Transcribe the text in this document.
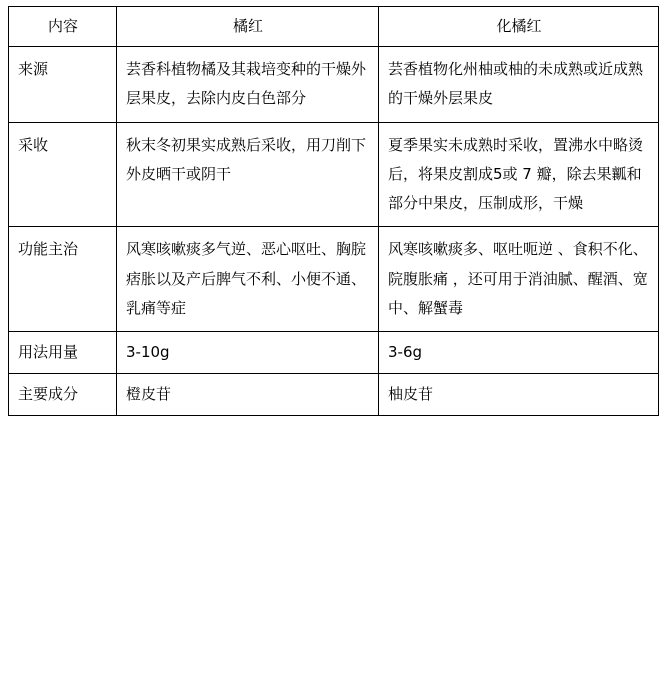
内容	橘红	化橘红
来源	芸香科植物橘及其栽培变种的干燥外层果皮，去除内皮白色部分	芸香植物化州柚或柚的未成熟或近成熟的干燥外层果皮
采收	秋末冬初果实成熟后采收，用刀削下外皮晒干或阴干	夏季果实未成熟时采收，置沸水中略烫后，将果皮割成5或 7 瓣，除去果瓤和部分中果皮，压制成形，干燥
功能主治	风寒咳嗽痰多气逆、恶心呕吐、胸脘痞胀以及产后脾气不利、小便不通、乳痛等症	风寒咳嗽痰多、呕吐呃逆 、食积不化、院腹胀痛 ，还可用于消油腻、醒酒、宽中、解蟹毒
用法用量	3-10g	3-6g
主要成分	橙皮苷	柚皮苷
